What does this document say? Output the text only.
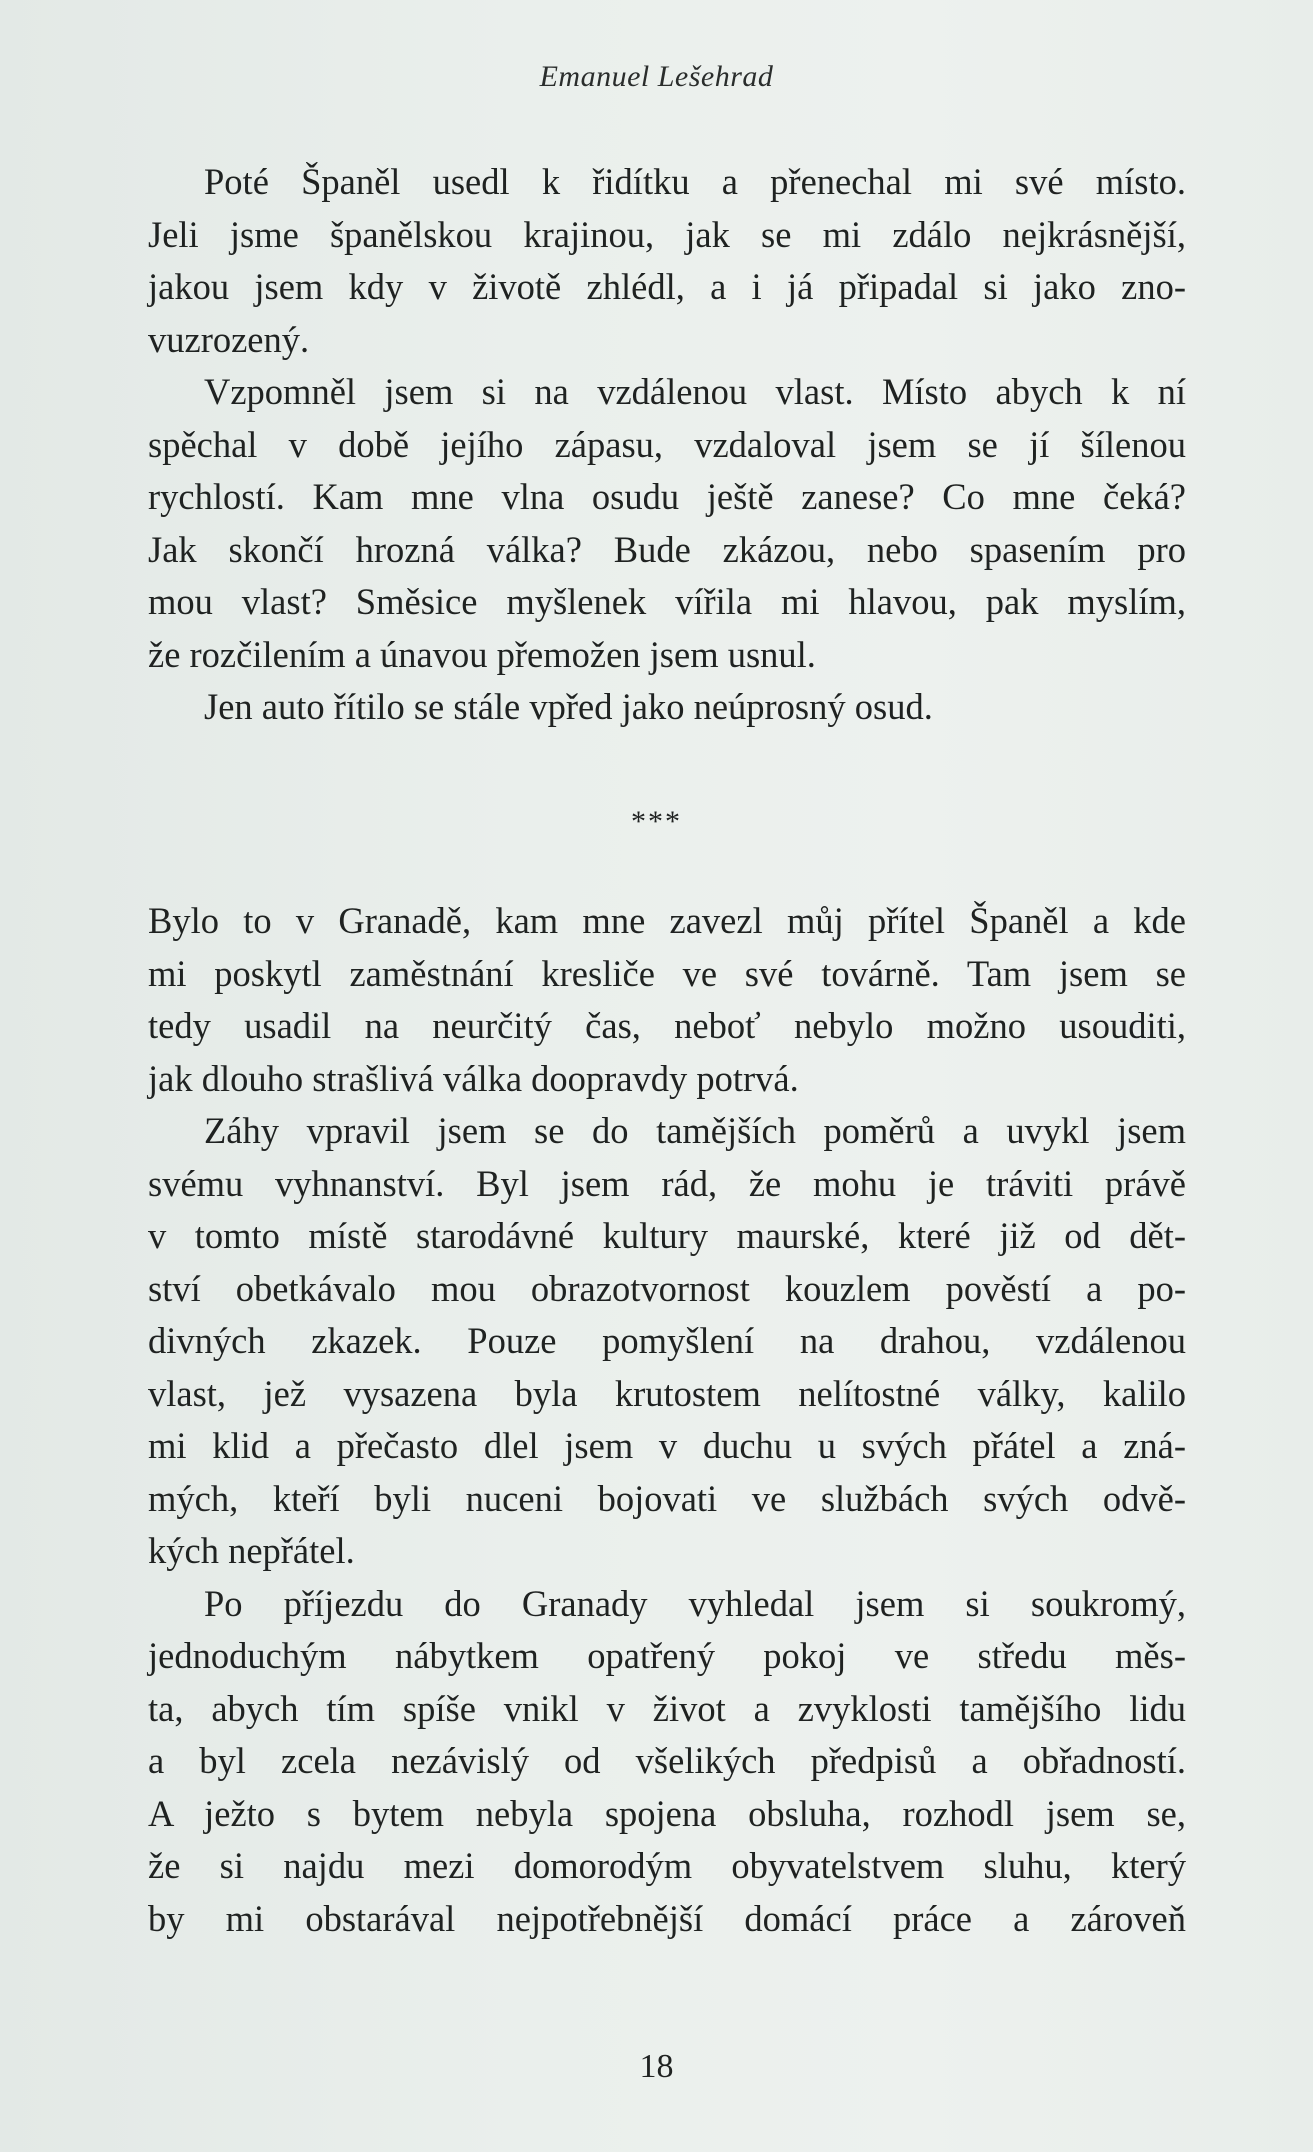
Emanuel Lešehrad
Poté Španěl usedl k řidítku a přenechal mi své místo.
Jeli jsme španělskou krajinou, jak se mi zdálo nejkrásnější,
jakou jsem kdy v životě zhlédl, a i já připadal si jako zno-
vuzrozený.
Vzpomněl jsem si na vzdálenou vlast. Místo abych k ní
spěchal v době jejího zápasu, vzdaloval jsem se jí šílenou
rychlostí. Kam mne vlna osudu ještě zanese? Co mne čeká?
Jak skončí hrozná válka? Bude zkázou, nebo spasením pro
mou vlast? Směsice myšlenek vířila mi hlavou, pak myslím,
že rozčilením a únavou přemožen jsem usnul.
Jen auto řítilo se stále vpřed jako neúprosný osud.
***
Bylo to v Granadě, kam mne zavezl můj přítel Španěl a kde
mi poskytl zaměstnání kresliče ve své továrně. Tam jsem se
tedy usadil na neurčitý čas, neboť nebylo možno usouditi,
jak dlouho strašlivá válka doopravdy potrvá.
Záhy vpravil jsem se do tamějších poměrů a uvykl jsem
svému vyhnanství. Byl jsem rád, že mohu je tráviti právě
v tomto místě starodávné kultury maurské, které již od dět-
ství obetkávalo mou obrazotvornost kouzlem pověstí a po-
divných zkazek. Pouze pomyšlení na drahou, vzdálenou
vlast, jež vysazena byla krutostem nelítostné války, kalilo
mi klid a přečasto dlel jsem v duchu u svých přátel a zná-
mých, kteří byli nuceni bojovati ve službách svých odvě-
kých nepřátel.
Po příjezdu do Granady vyhledal jsem si soukromý,
jednoduchým nábytkem opatřený pokoj ve středu měs-
ta, abych tím spíše vnikl v život a zvyklosti tamějšího lidu
a byl zcela nezávislý od všelikých předpisů a obřadností.
A ježto s bytem nebyla spojena obsluha, rozhodl jsem se,
že si najdu mezi domorodým obyvatelstvem sluhu, který
by mi obstarával nejpotřebnější domácí práce a zároveň
18
